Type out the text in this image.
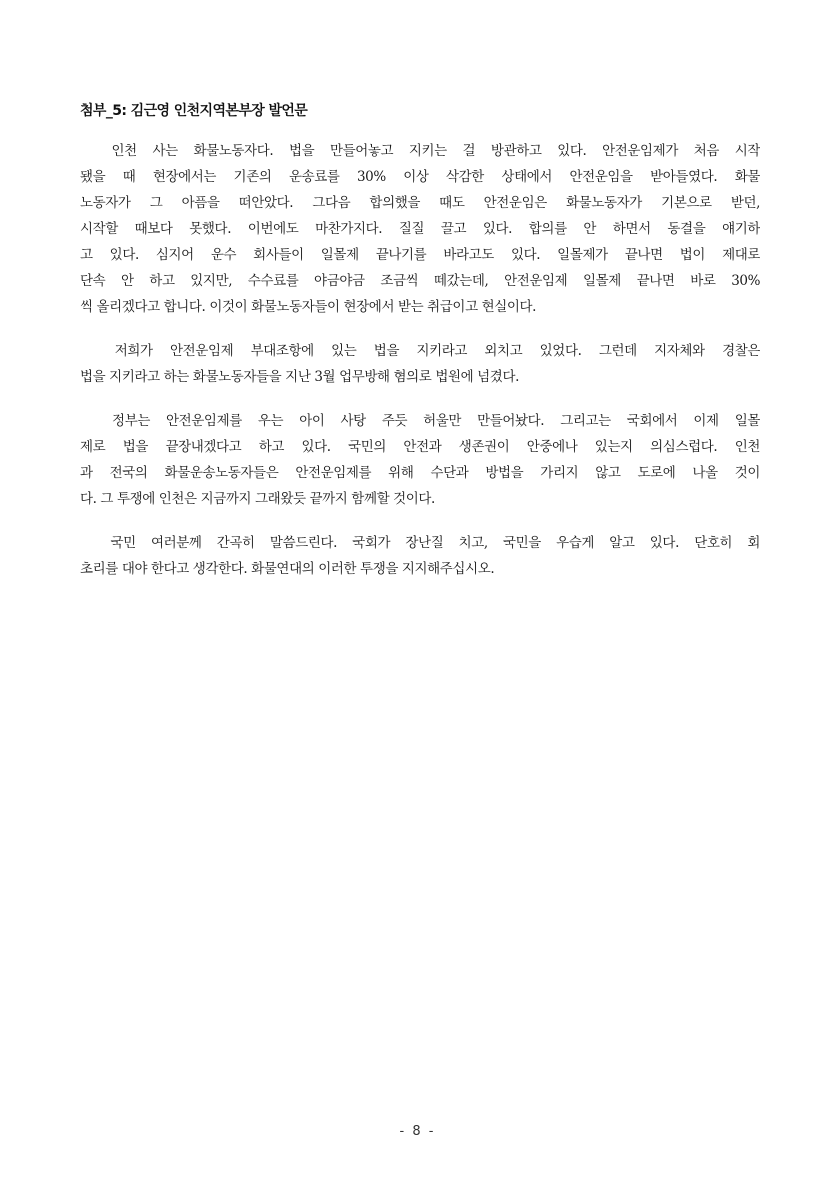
첨부_5: 김근영 인천지역본부장 발언문
인천 사는 화물노동자다. 법을 만들어놓고 지키는 걸 방관하고 있다. 안전운임제가 처음 시작
됐을 때 현장에서는 기존의 운송료를 30% 이상 삭감한 상태에서 안전운임을 받아들였다. 화물
노동자가 그 아픔을 떠안았다. 그다음 합의했을 때도 안전운임은 화물노동자가 기본으로 받던,
시작할 때보다 못했다. 이번에도 마찬가지다. 질질 끌고 있다. 합의를 안 하면서 동결을 얘기하
고 있다. 심지어 운수 회사들이 일몰제 끝나기를 바라고도 있다. 일몰제가 끝나면 법이 제대로
단속 안 하고 있지만, 수수료를 야금야금 조금씩 떼갔는데, 안전운임제 일몰제 끝나면 바로 30%
씩 올리겠다고 합니다. 이것이 화물노동자들이 현장에서 받는 취급이고 현실이다.
저희가 안전운임제 부대조항에 있는 법을 지키라고 외치고 있었다. 그런데 지자체와 경찰은
법을 지키라고 하는 화물노동자들을 지난 3월 업무방해 혐의로 법원에 넘겼다.
정부는 안전운임제를 우는 아이 사탕 주듯 허울만 만들어놨다. 그리고는 국회에서 이제 일몰
제로 법을 끝장내겠다고 하고 있다. 국민의 안전과 생존권이 안중에나 있는지 의심스럽다. 인천
과 전국의 화물운송노동자들은 안전운임제를 위해 수단과 방법을 가리지 않고 도로에 나올 것이
다. 그 투쟁에 인천은 지금까지 그래왔듯 끝까지 함께할 것이다.
국민 여러분께 간곡히 말씀드린다. 국회가 장난질 치고, 국민을 우습게 알고 있다. 단호히 회
초리를 대야 한다고 생각한다. 화물연대의 이러한 투쟁을 지지해주십시오.
- 8 -
